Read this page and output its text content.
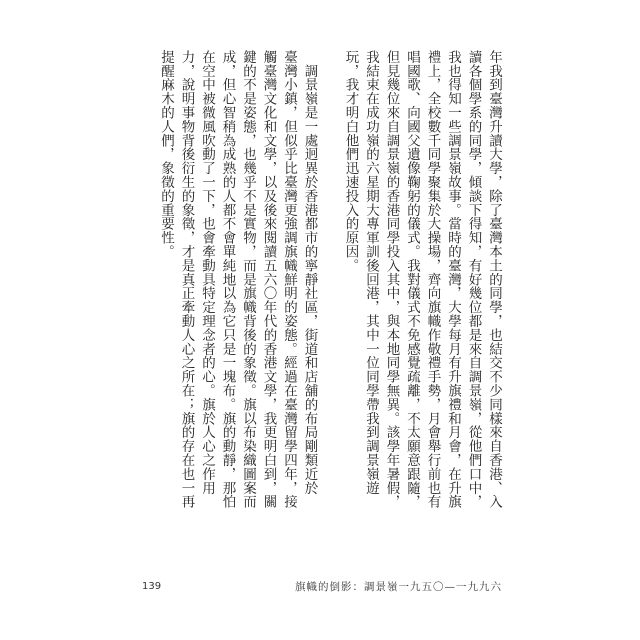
年我到臺灣升讀大學，除了臺灣本土的同學，也結交不少同樣來自香港、入
讀各個學系的同學，傾談下得知，有好幾位都是來自調景嶺，從他們口中，
我也得知一些調景嶺故事。當時的臺灣，大學每月有升旗禮和月會，在升旗
禮上，全校數千同學聚集於大操場，齊向旗幟作敬禮手勢，月會舉行前也有
唱國歌、向國父遺像鞠躬的儀式。我對儀式不免感覺疏離，不太願意跟隨，
但見幾位來自調景嶺的香港同學投入其中，與本地同學無異。該學年暑假，
我結束在成功嶺的六星期大專軍訓後回港，其中一位同學帶我到調景嶺遊
玩，我才明白他們迅速投入的原因。
　調景嶺是一處迥異於香港都市的寧靜社區，街道和店舖的布局剛類近於
臺灣小鎮，但似乎比臺灣更強調旗幟鮮明的姿態。經過在臺灣留學四年，接
觸臺灣文化和文學，以及後來閱讀五六〇年代的香港文學，我更明白到，關
鍵的不是姿態，也幾乎不是實物，而是旗幟背後的象徵。旗以布染織圖案而
成，但心智稍為成熟的人都不會單純地以為它只是一塊布。旗的動靜，那怕
在空中被微風吹動了一下，也會牽動具特定理念者的心。旗於人心之作用
力，說明事物背後衍生的象徵，才是真正牽動人心之所在；旗的存在也一再
提醒麻木的人們，象徵的重要性。
139	旗幟的倒影：調景嶺一九五〇—一九九六
